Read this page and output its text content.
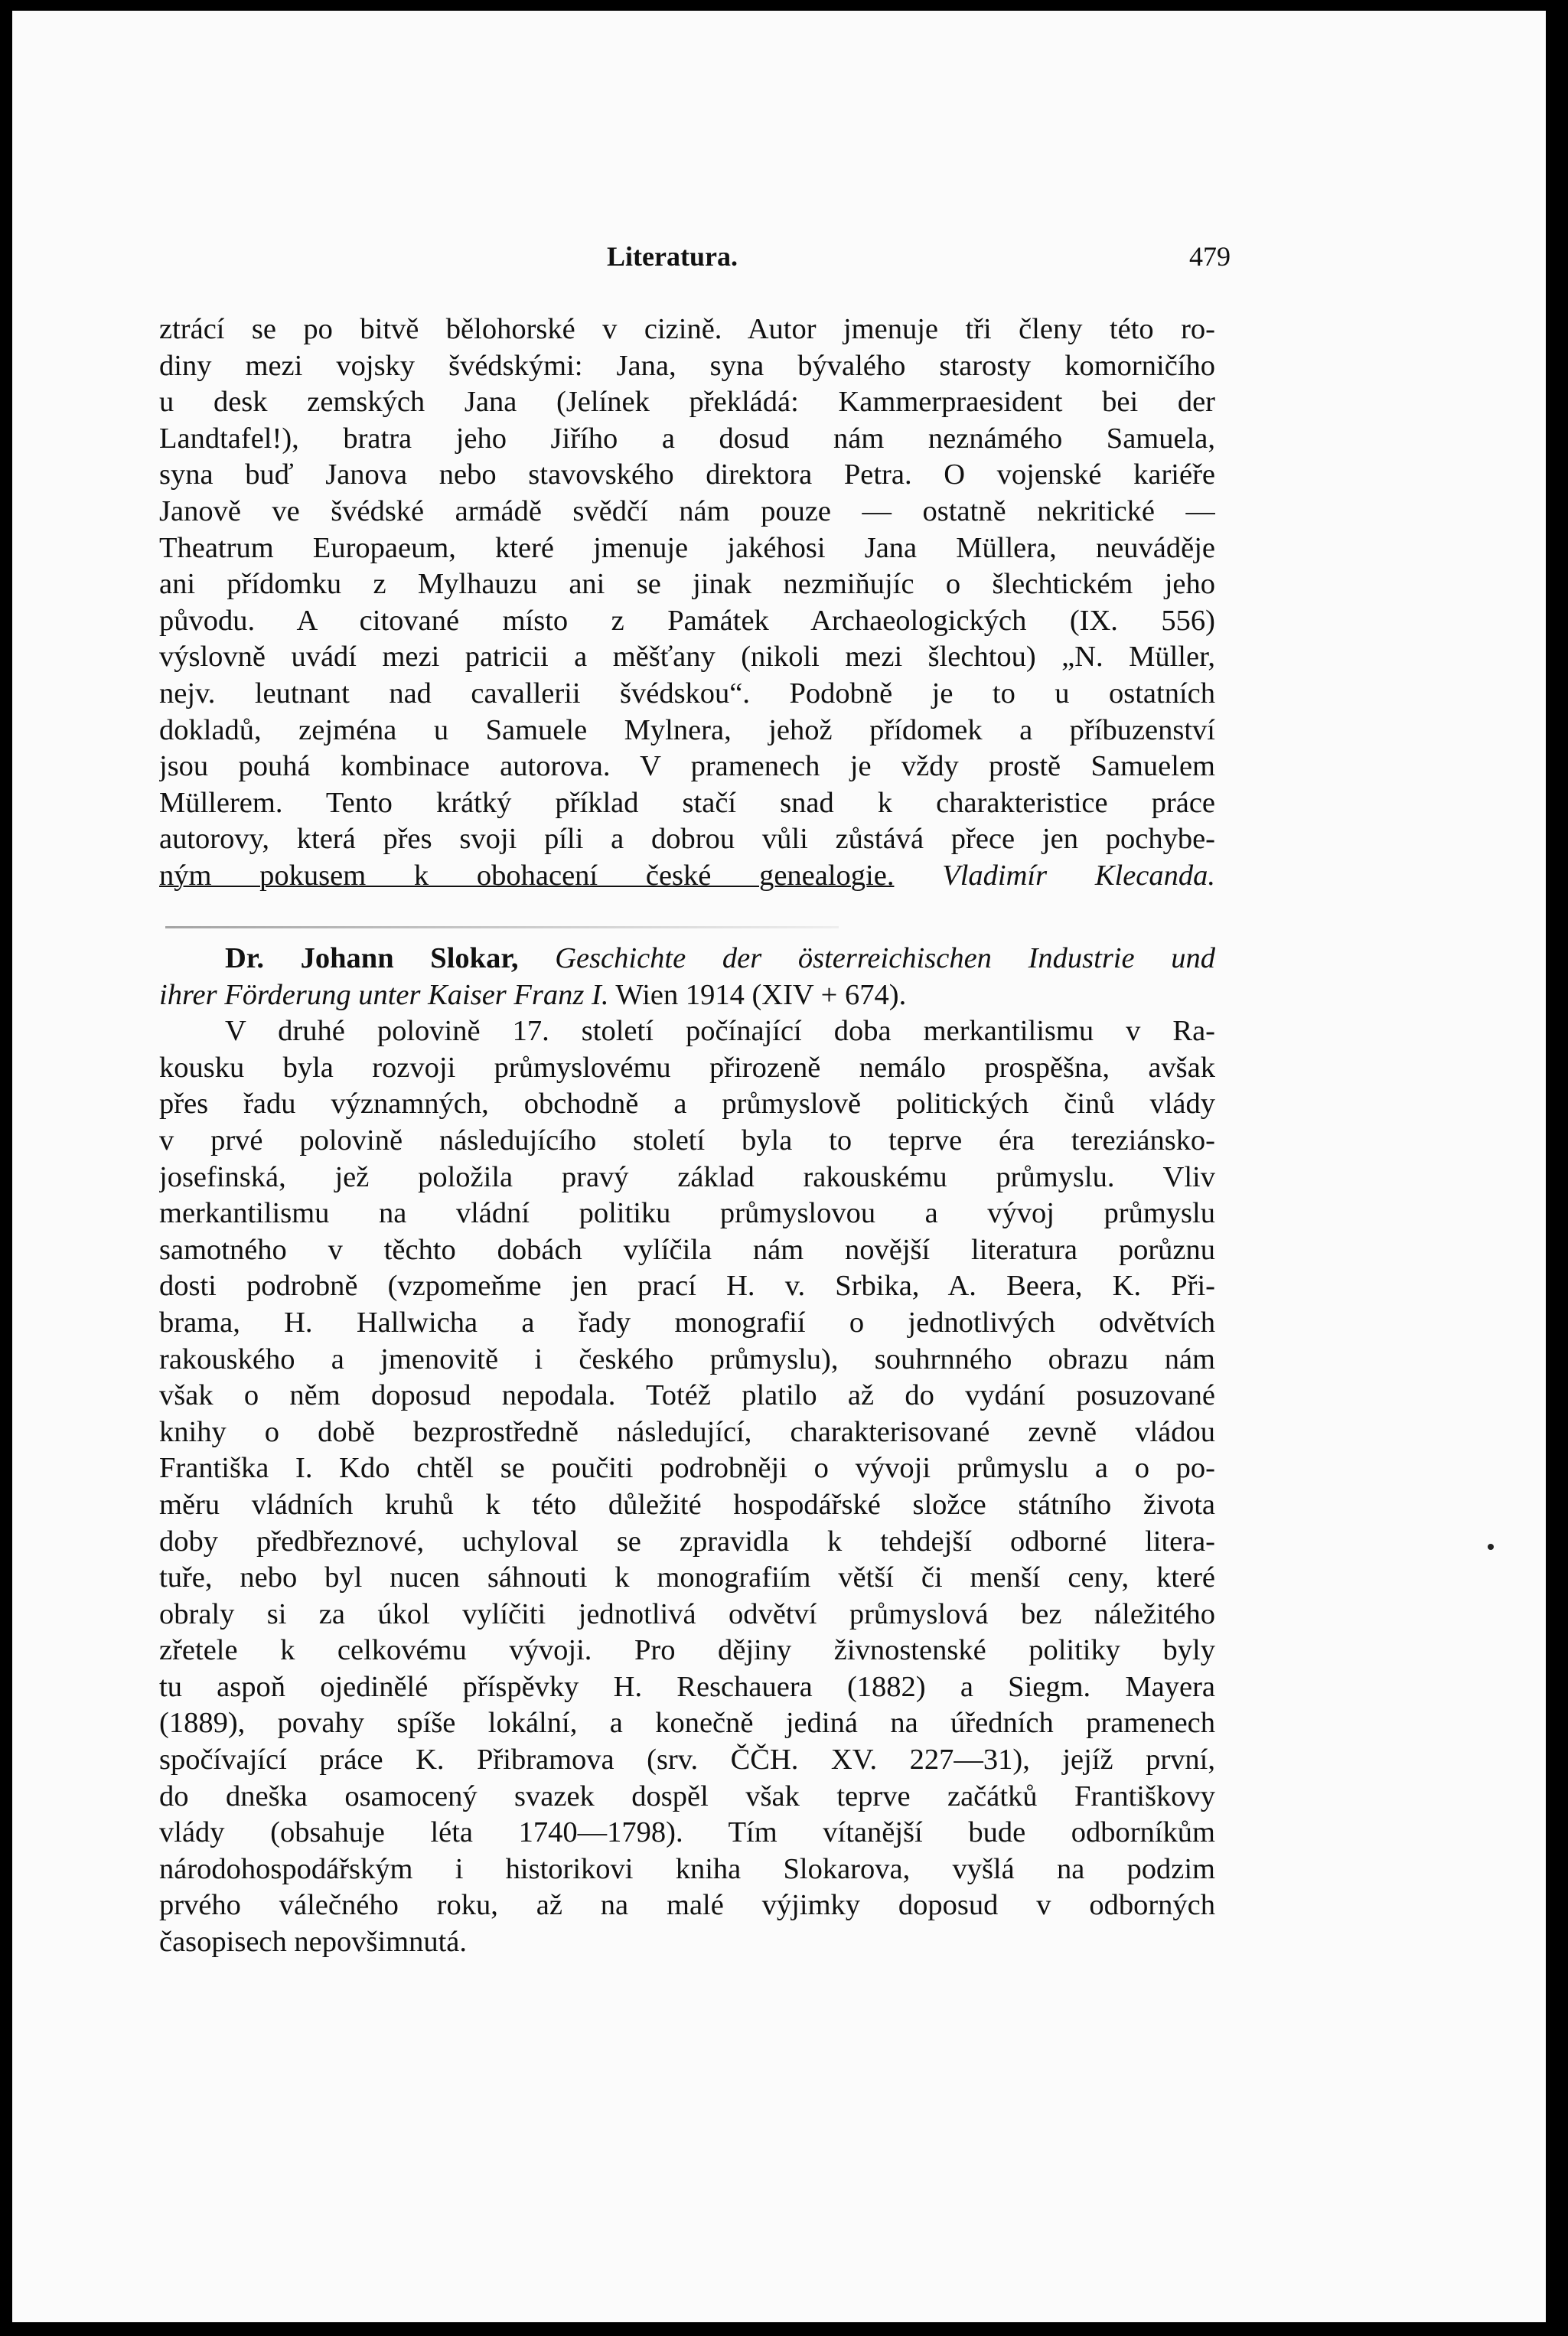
Literatura.	479
ztrácí se po bitvě bělohorské v cizině. Autor jmenuje tři členy této ro-
diny mezi vojsky švédskými: Jana, syna bývalého starosty komorničího
u desk zemských Jana (Jelínek překládá: Kammerpraesident bei der
Landtafel!), bratra jeho Jiřího a dosud nám neznámého Samuela,
syna buď Janova nebo stavovského direktora Petra. O vojenské kariéře
Janově ve švédské armádě svědčí nám pouze — ostatně nekritické —
Theatrum Europaeum, které jmenuje jakéhosi Jana Müllera, neuváděje
ani přídomku z Mylhauzu ani se jinak nezmiňujíc o šlechtickém jeho
původu. A citované místo z Památek Archaeologických (IX. 556)
výslovně uvádí mezi patricii a měšťany (nikoli mezi šlechtou) „N. Müller,
nejv. leutnant nad cavallerii švédskou“. Podobně je to u ostatních
dokladů, zejména u Samuele Mylnera, jehož přídomek a příbuzenství
jsou pouhá kombinace autorova. V pramenech je vždy prostě Samuelem
Müllerem. Tento krátký příklad stačí snad k charakteristice práce
autorovy, která přes svoji píli a dobrou vůli zůstává přece jen pochybe-
ným pokusem k obohacení české genealogie. Vladimír Klecanda.
Dr. Johann Slokar, Geschichte der österreichischen Industrie und
ihrer Förderung unter Kaiser Franz I. Wien 1914 (XIV + 674).
V druhé polovině 17. století počínající doba merkantilismu v Ra-
kousku byla rozvoji průmyslovému přirozeně nemálo prospěšna, avšak
přes řadu významných, obchodně a průmyslově politických činů vlády
v prvé polovině následujícího století byla to teprve éra tereziánsko-
josefinská, jež položila pravý základ rakouskému průmyslu. Vliv
merkantilismu na vládní politiku průmyslovou a vývoj průmyslu
samotného v těchto dobách vylíčila nám novější literatura porůznu
dosti podrobně (vzpomeňme jen prací H. v. Srbika, A. Beera, K. Při-
brama, H. Hallwicha a řady monografií o jednotlivých odvětvích
rakouského a jmenovitě i českého průmyslu), souhrnného obrazu nám
však o něm doposud nepodala. Totéž platilo až do vydání posuzované
knihy o době bezprostředně následující, charakterisované zevně vládou
Františka I. Kdo chtěl se poučiti podrobněji o vývoji průmyslu a o po-
měru vládních kruhů k této důležité hospodářské složce státního života
doby předbřeznové, uchyloval se zpravidla k tehdejší odborné litera-
tuře, nebo byl nucen sáhnouti k monografiím větší či menší ceny, které
obraly si za úkol vylíčiti jednotlivá odvětví průmyslová bez náležitého
zřetele k celkovému vývoji. Pro dějiny živnostenské politiky byly
tu aspoň ojedinělé příspěvky H. Reschauera (1882) a Siegm. Mayera
(1889), povahy spíše lokální, a konečně jediná na úředních pramenech
spočívající práce K. Přibramova (srv. ČČH. XV. 227—31), jejíž první,
do dneška osamocený svazek dospěl však teprve začátků Františkovy
vlády (obsahuje léta 1740—1798). Tím vítanější bude odborníkům
národohospodářským i historikovi kniha Slokarova, vyšlá na podzim
prvého válečného roku, až na malé výjimky doposud v odborných
časopisech nepovšimnutá.
